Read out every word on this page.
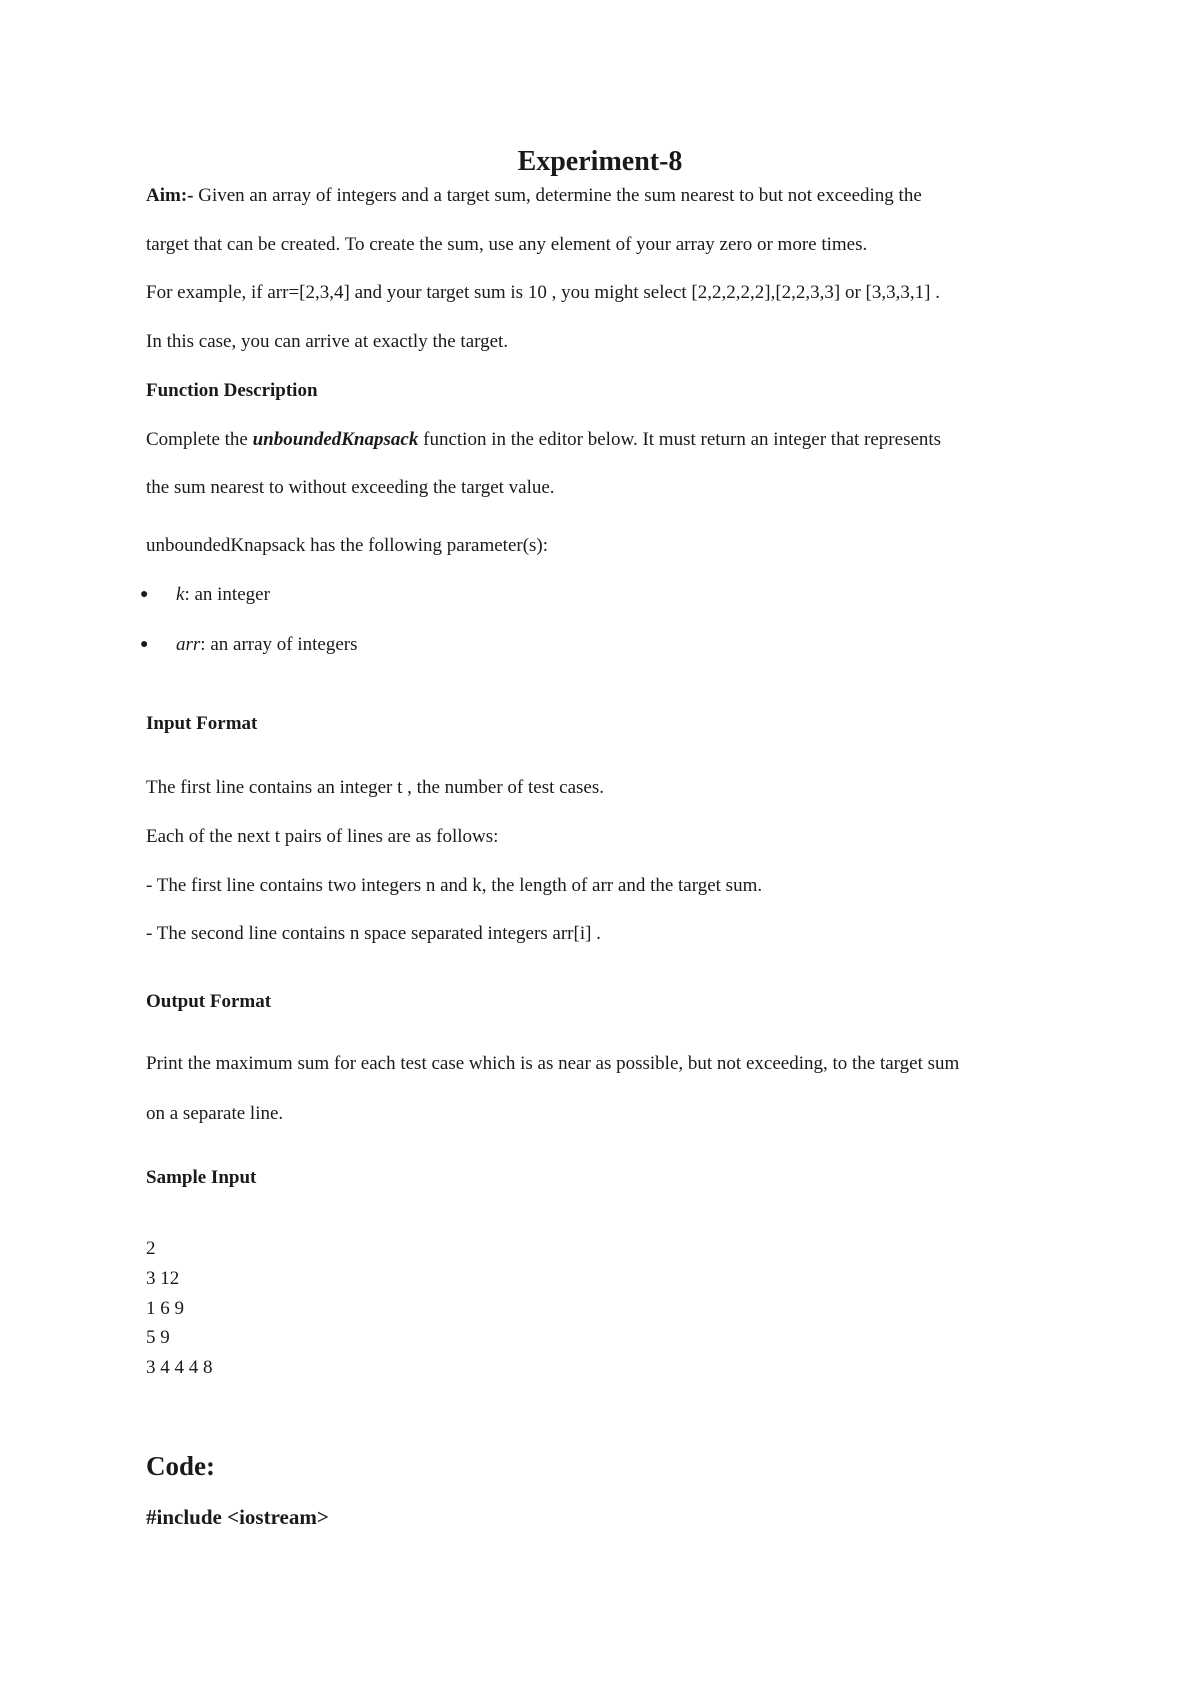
Experiment-8
Aim:- Given an array of integers and a target sum, determine the sum nearest to but not exceeding the
target that can be created. To create the sum, use any element of your array zero or more times.
For example, if arr=[2,3,4] and your target sum is 10 , you might select [2,2,2,2,2],[2,2,3,3] or [3,3,3,1] .
In this case, you can arrive at exactly the target.
Function Description
Complete the unboundedKnapsack function in the editor below. It must return an integer that represents
the sum nearest to without exceeding the target value.
unboundedKnapsack has the following parameter(s):
● k: an integer
● arr: an array of integers
Input Format
The first line contains an integer t , the number of test cases.
Each of the next t pairs of lines are as follows:
- The first line contains two integers n and k, the length of arr and the target sum.
- The second line contains n space separated integers arr[i] .
Output Format
Print the maximum sum for each test case which is as near as possible, but not exceeding, to the target sum
on a separate line.
Sample Input
2
3 12
1 6 9
5 9
3 4 4 4 8
Code:
#include <iostream>
